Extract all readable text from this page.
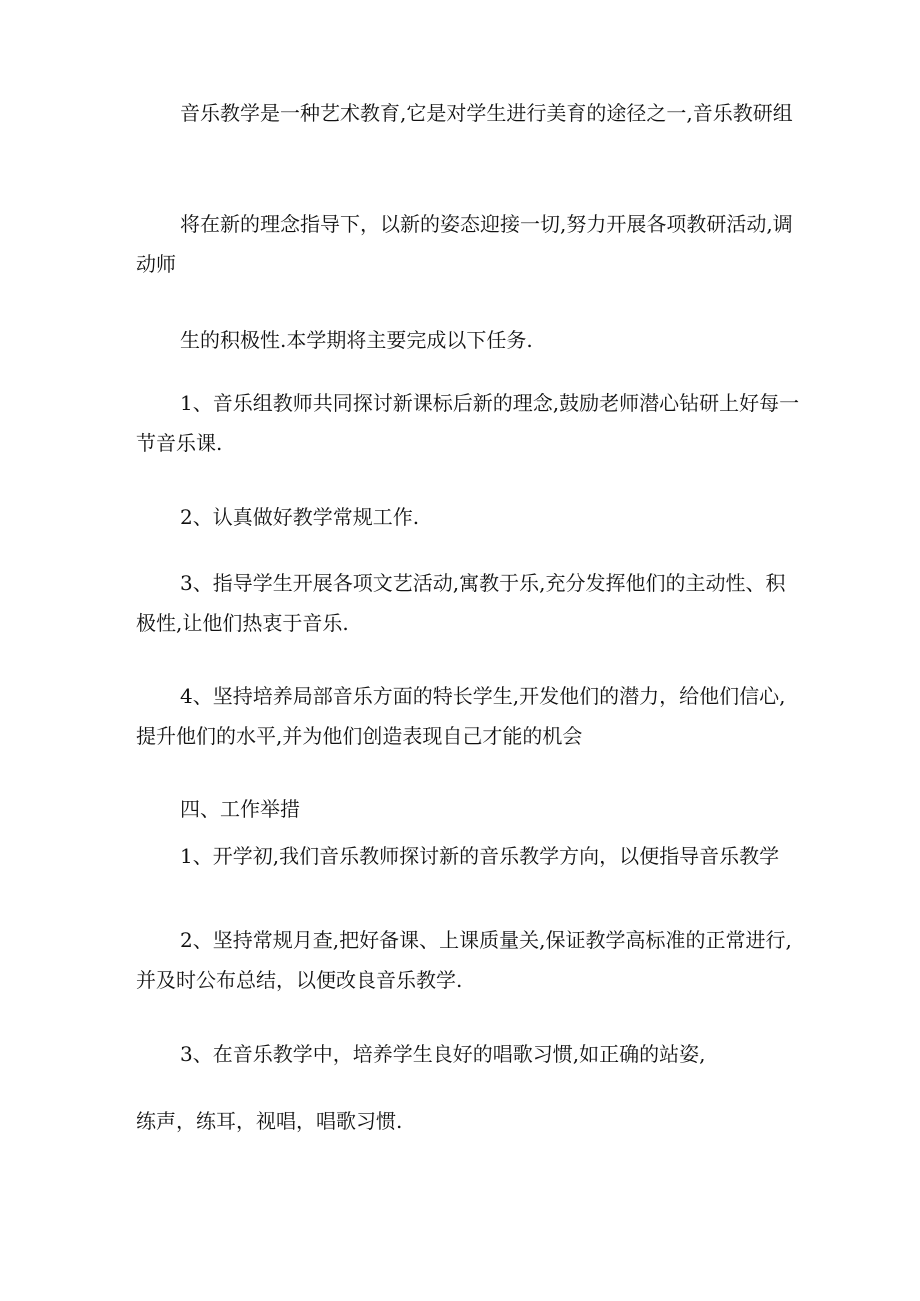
音乐教学是一种艺术教育,它是对学生进行美育的途径之一,音乐教研组

将在新的理念指导下，以新的姿态迎接一切,努力开展各项教研活动,调动师

生的积极性.本学期将主要完成以下任务.

1、音乐组教师共同探讨新课标后新的理念,鼓励老师潜心钻研上好每一节音乐课.

2、认真做好教学常规工作.

3、指导学生开展各项文艺活动,寓教于乐,充分发挥他们的主动性、积极性,让他们热衷于音乐.

4、坚持培养局部音乐方面的特长学生,开发他们的潜力，给他们信心,提升他们的水平,并为他们创造表现自己才能的机会

四、工作举措

1、开学初,我们音乐教师探讨新的音乐教学方向，以便指导音乐教学

2、坚持常规月查,把好备课、上课质量关,保证教学高标准的正常进行,并及时公布总结，以便改良音乐教学.

3、在音乐教学中，培养学生良好的唱歌习惯,如正确的站姿,

练声，练耳，视唱，唱歌习惯.
